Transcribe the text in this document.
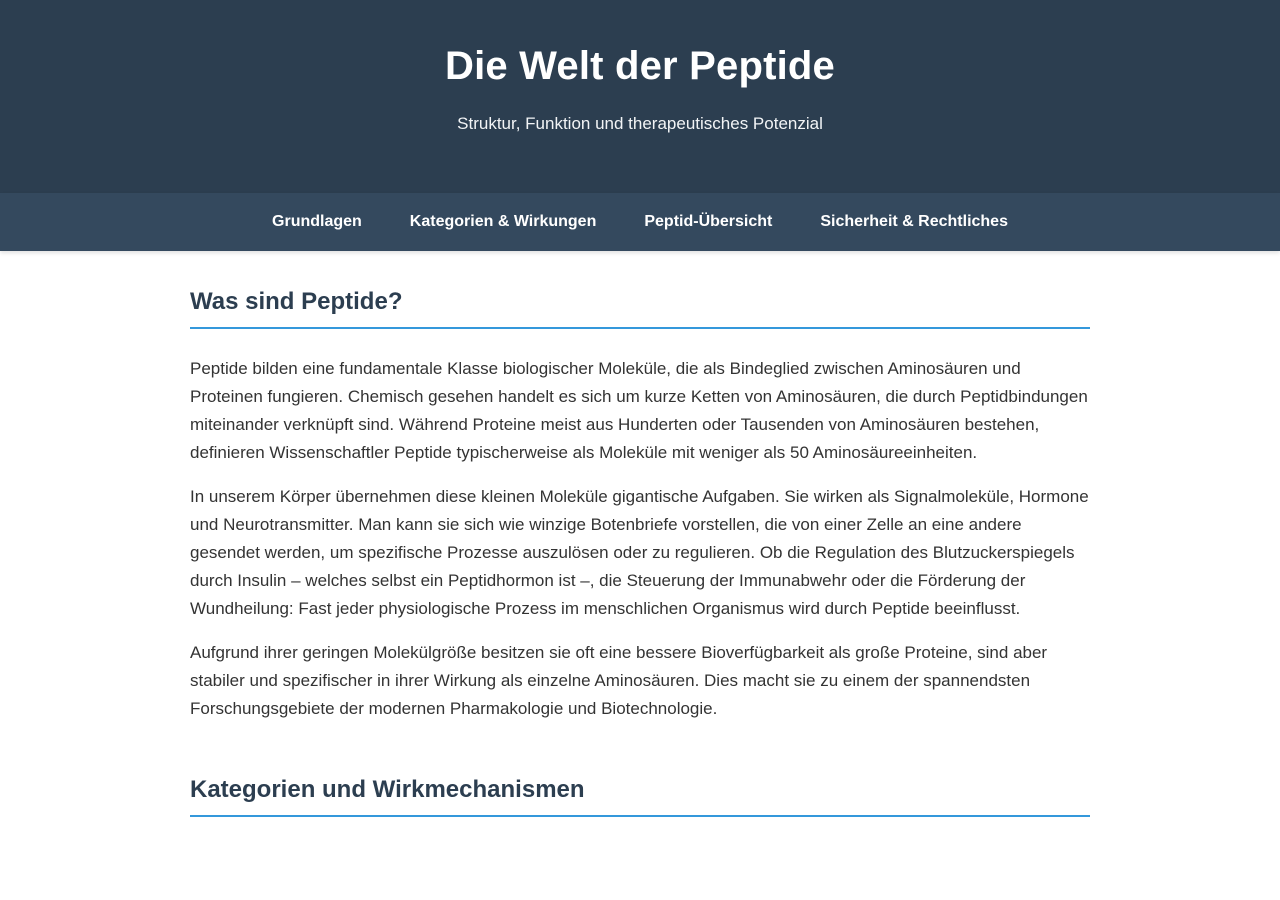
Die Welt der Peptide

Struktur, Funktion und therapeutisches Potenzial

Grundlagen	Kategorien & Wirkungen	Peptid-Übersicht	Sicherheit & Rechtliches
Was sind Peptide?

Peptide bilden eine fundamentale Klasse biologischer Moleküle, die als Bindeglied zwischen Aminosäuren und Proteinen fungieren. Chemisch gesehen handelt es sich um kurze Ketten von Aminosäuren, die durch Peptidbindungen miteinander verknüpft sind. Während Proteine meist aus Hunderten oder Tausenden von Aminosäuren bestehen, definieren Wissenschaftler Peptide typischerweise als Moleküle mit weniger als 50 Aminosäureeinheiten.

In unserem Körper übernehmen diese kleinen Moleküle gigantische Aufgaben. Sie wirken als Signalmoleküle, Hormone und Neurotransmitter. Man kann sie sich wie winzige Botenbriefe vorstellen, die von einer Zelle an eine andere gesendet werden, um spezifische Prozesse auszulösen oder zu regulieren. Ob die Regulation des Blutzuckerspiegels durch Insulin – welches selbst ein Peptidhormon ist –, die Steuerung der Immunabwehr oder die Förderung der Wundheilung: Fast jeder physiologische Prozess im menschlichen Organismus wird durch Peptide beeinflusst.

Aufgrund ihrer geringen Molekülgröße besitzen sie oft eine bessere Bioverfügbarkeit als große Proteine, sind aber stabiler und spezifischer in ihrer Wirkung als einzelne Aminosäuren. Dies macht sie zu einem der spannendsten Forschungsgebiete der modernen Pharmakologie und Biotechnologie.

Kategorien und Wirkmechanismen
